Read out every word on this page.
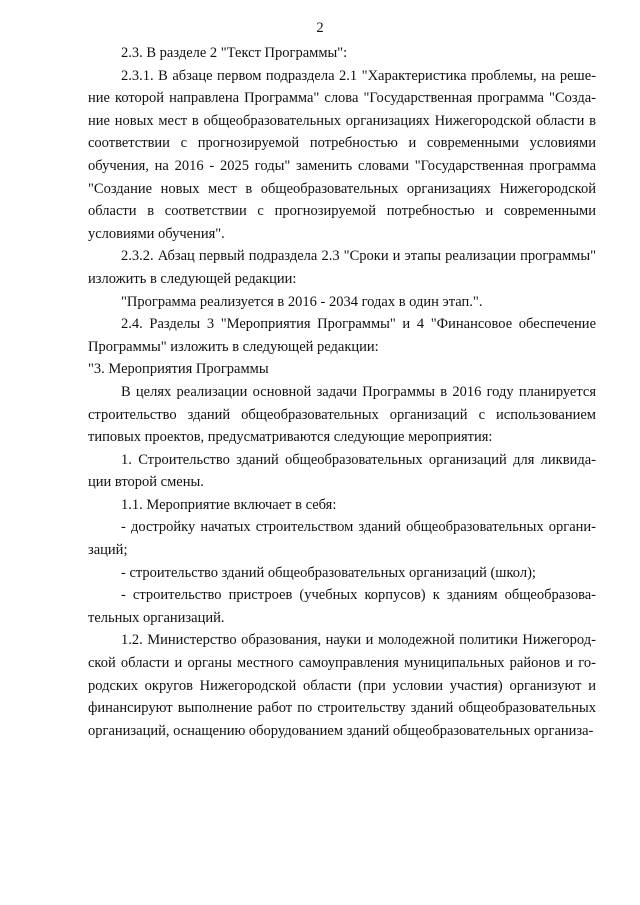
2

2.3. В разделе 2 "Текст Программы":

2.3.1. В абзаце первом подраздела 2.1 "Характеристика проблемы, на решение которой направлена Программа" слова "Государственная программа "Создание новых мест в общеобразовательных организациях Нижегородской области в соответствии с прогнозируемой потребностью и современными условиями обучения, на 2016 - 2025 годы" заменить словами "Государственная программа "Создание новых мест в общеобразовательных организациях Нижегородской области в соответствии с прогнозируемой потребностью и современными условиями обучения".

2.3.2. Абзац первый подраздела 2.3 "Сроки и этапы реализации программы" изложить в следующей редакции:

"Программа реализуется в 2016 - 2034 годах в один этап.".

2.4. Разделы 3 "Мероприятия Программы" и 4 "Финансовое обеспечение Программы" изложить в следующей редакции:

"3. Мероприятия Программы

В целях реализации основной задачи Программы в 2016 году планируется строительство зданий общеобразовательных организаций с использованием типовых проектов, предусматриваются следующие мероприятия:

1. Строительство зданий общеобразовательных организаций для ликвидации второй смены.

1.1. Мероприятие включает в себя:

- достройку начатых строительством зданий общеобразовательных организаций;

- строительство зданий общеобразовательных организаций (школ);

- строительство пристроев (учебных корпусов) к зданиям общеобразовательных организаций.

1.2. Министерство образования, науки и молодежной политики Нижегородской области и органы местного самоуправления муниципальных районов и городских округов Нижегородской области (при условии участия) организуют и финансируют выполнение работ по строительству зданий общеобразовательных организаций, оснащению оборудованием зданий общеобразовательных организа-
